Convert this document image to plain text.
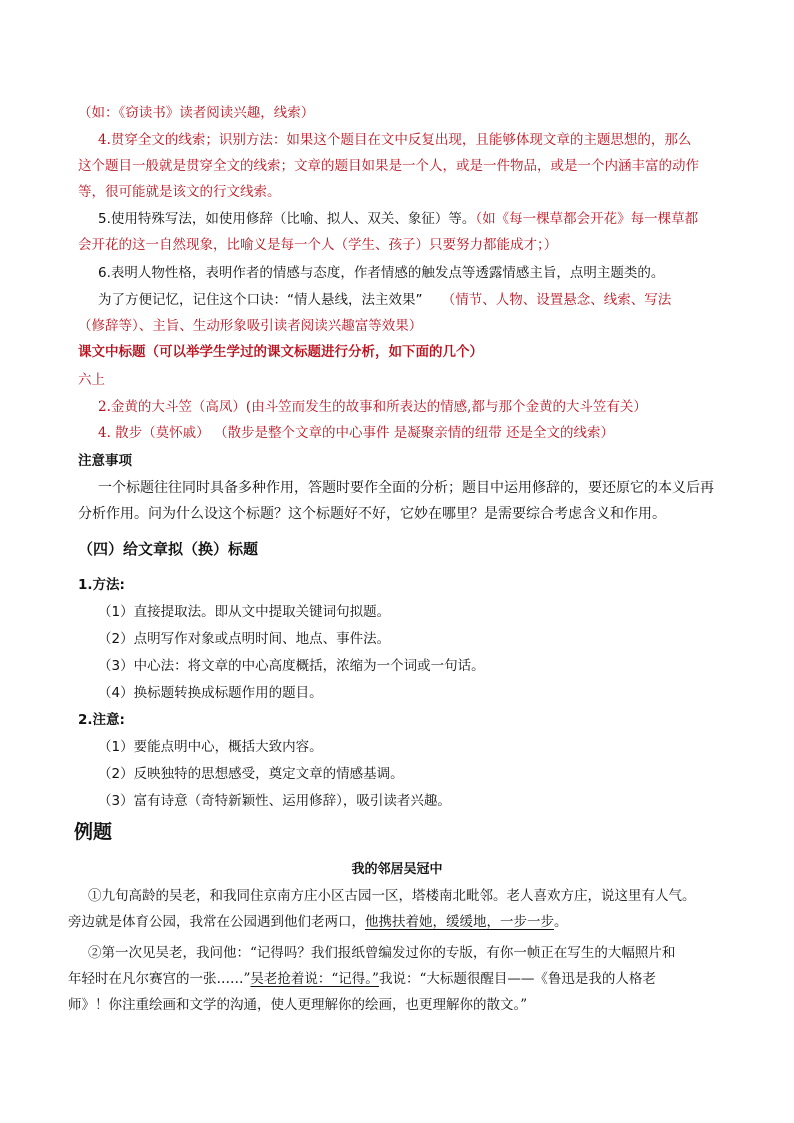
（如：《窃读书》读者阅读兴趣，线索）
4.贯穿全文的线索；识别方法：如果这个题目在文中反复出现，且能够体现文章的主题思想的，那么
这个题目一般就是贯穿全文的线索；文章的题目如果是一个人，或是一件物品，或是一个内涵丰富的动作
等，很可能就是该文的行文线索。
5.使用特殊写法，如使用修辞（比喻、拟人、双关、象征）等。（如《每一棵草都会开花》每一棵草都
会开花的这一自然现象，比喻义是每一个人（学生、孩子）只要努力都能成才；）
6.表明人物性格，表明作者的情感与态度，作者情感的触发点等透露情感主旨，点明主题类的。
为了方便记忆，记住这个口诀：“情人悬线，法主效果” （情节、人物、设置悬念、线索、写法
（修辞等）、主旨、生动形象吸引读者阅读兴趣富等效果）
课文中标题（可以举学生学过的课文标题进行分析，如下面的几个）
六上
2.金黄的大斗笠（高凤）(由斗笠而发生的故事和所表达的情感,都与那个金黄的大斗笠有关）
4. 散步（莫怀戚） （散步是整个文章的中心事件 是凝聚亲情的纽带 还是全文的线索）
注意事项
一个标题往往同时具备多种作用，答题时要作全面的分析；题目中运用修辞的，要还原它的本义后再
分析作用。问为什么设这个标题？这个标题好不好，它妙在哪里？是需要综合考虑含义和作用。
（四）给文章拟（换）标题
1.方法:
（1）直接提取法。即从文中提取关键词句拟题。
（2）点明写作对象或点明时间、地点、事件法。
（3）中心法：将文章的中心高度概括，浓缩为一个词或一句话。
（4）换标题转换成标题作用的题目。
2.注意:
（1）要能点明中心，概括大致内容。
（2）反映独特的思想感受，奠定文章的情感基调。
（3）富有诗意（奇特新颖性、运用修辞），吸引读者兴趣。
例题
我的邻居吴冠中
①九旬高龄的吴老，和我同住京南方庄小区古园一区，塔楼南北毗邻。老人喜欢方庄，说这里有人气。
旁边就是体育公园，我常在公园遇到他们老两口，他携扶着她，缓缓地，一步一步。
②第一次见吴老，我问他：“记得吗？我们报纸曾编发过你的专版，有你一帧正在写生的大幅照片和
年轻时在凡尔赛宫的一张……”吴老抢着说：“记得。”我说：“大标题很醒目——《鲁迅是我的人格老
师》！你注重绘画和文学的沟通，使人更理解你的绘画，也更理解你的散文。”
